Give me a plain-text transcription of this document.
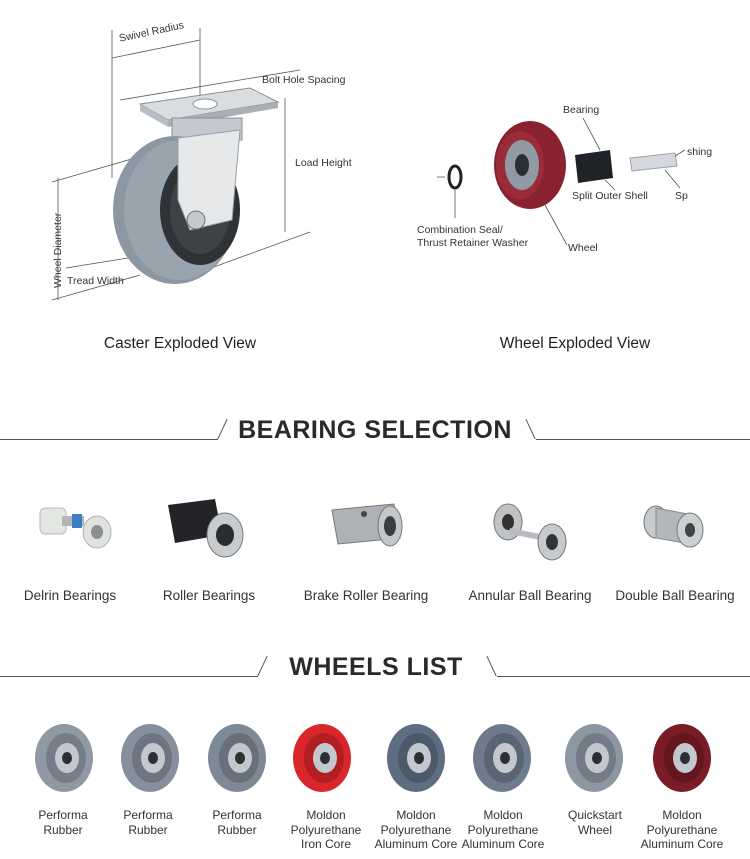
Swivel Radius
Bolt Hole Spacing
Load Height
Wheel Diameter Tread Width
Caster Exploded View
Bearing
shing
Split Outer Shell	Sp
Combination Seal/
Thrust Retainer Washer	Wheel
Wheel Exploded View
BEARING SELECTION
Delrin Bearings	Roller Bearings	Brake Roller Bearing	Annular Ball Bearing	Double Ball Bearing
WHEELS LIST
Performa
Rubber
Performa
Rubber
Performa
Rubber
Moldon
Polyurethane
Iron Core
Moldon
Polyurethane
Aluminum Core
Moldon
Polyurethane
Aluminum Core
Quickstart
Wheel
Moldon
Polyurethane
Aluminum Core
